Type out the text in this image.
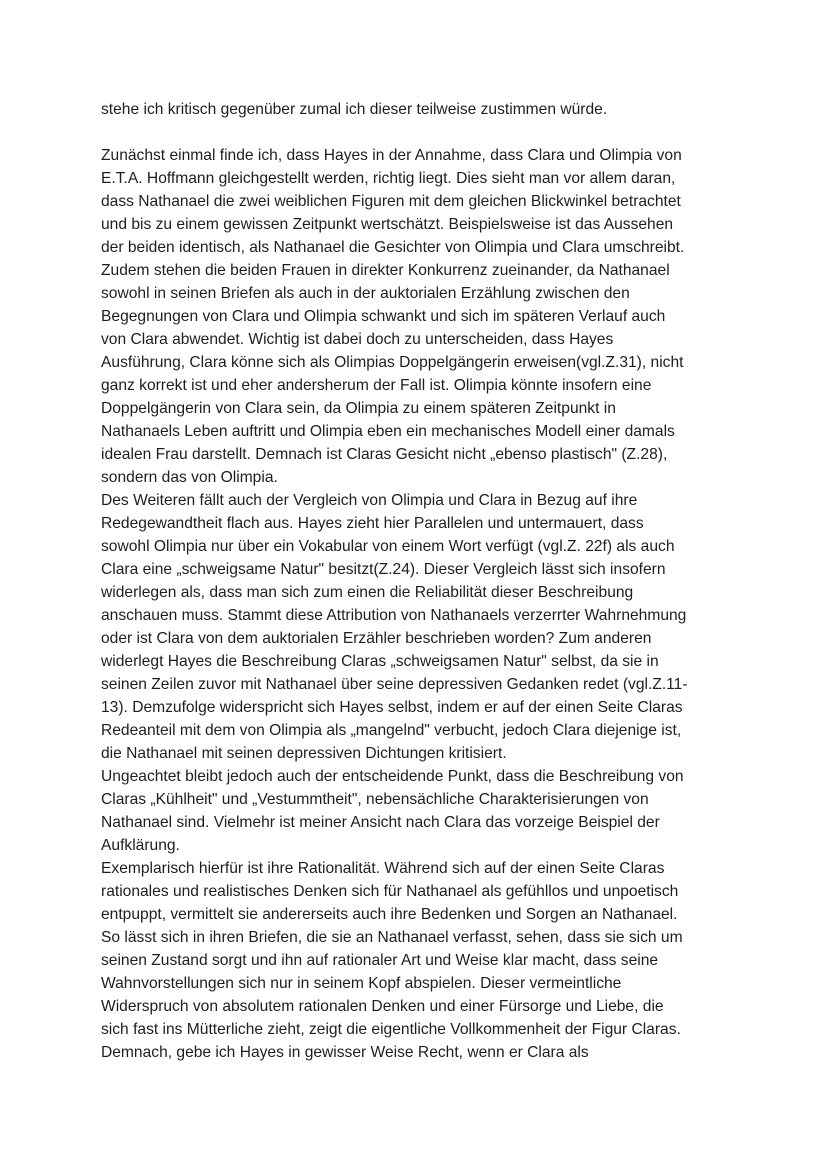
stehe ich kritisch gegenüber zumal ich dieser teilweise zustimmen würde.
Zunächst einmal finde ich, dass Hayes in der Annahme, dass Clara und Olimpia von
E.T.A. Hoffmann gleichgestellt werden, richtig liegt. Dies sieht man vor allem daran,
dass Nathanael die zwei weiblichen Figuren mit dem gleichen Blickwinkel betrachtet
und bis zu einem gewissen Zeitpunkt wertschätzt. Beispielsweise ist das Aussehen
der beiden identisch, als Nathanael die Gesichter von Olimpia und Clara umschreibt.
Zudem stehen die beiden Frauen in direkter Konkurrenz zueinander, da Nathanael
sowohl in seinen Briefen als auch in der auktorialen Erzählung zwischen den
Begegnungen von Clara und Olimpia schwankt und sich im späteren Verlauf auch
von Clara abwendet. Wichtig ist dabei doch zu unterscheiden, dass Hayes
Ausführung, Clara könne sich als Olimpias Doppelgängerin erweisen(vgl.Z.31), nicht
ganz korrekt ist und eher andersherum der Fall ist. Olimpia könnte insofern eine
Doppelgängerin von Clara sein, da Olimpia zu einem späteren Zeitpunkt in
Nathanaels Leben auftritt und Olimpia eben ein mechanisches Modell einer damals
idealen Frau darstellt. Demnach ist Claras Gesicht nicht „ebenso plastisch" (Z.28),
sondern das von Olimpia.
Des Weiteren fällt auch der Vergleich von Olimpia und Clara in Bezug auf ihre
Redegewandtheit flach aus. Hayes zieht hier Parallelen und untermauert, dass
sowohl Olimpia nur über ein Vokabular von einem Wort verfügt (vgl.Z. 22f) als auch
Clara eine „schweigsame Natur" besitzt(Z.24). Dieser Vergleich lässt sich insofern
widerlegen als, dass man sich zum einen die Reliabilität dieser Beschreibung
anschauen muss. Stammt diese Attribution von Nathanaels verzerrter Wahrnehmung
oder ist Clara von dem auktorialen Erzähler beschrieben worden? Zum anderen
widerlegt Hayes die Beschreibung Claras „schweigsamen Natur" selbst, da sie in
seinen Zeilen zuvor mit Nathanael über seine depressiven Gedanken redet (vgl.Z.11-
13). Demzufolge widerspricht sich Hayes selbst, indem er auf der einen Seite Claras
Redeanteil mit dem von Olimpia als „mangelnd" verbucht, jedoch Clara diejenige ist,
die Nathanael mit seinen depressiven Dichtungen kritisiert.
Ungeachtet bleibt jedoch auch der entscheidende Punkt, dass die Beschreibung von
Claras „Kühlheit" und „Vestummtheit", nebensächliche Charakterisierungen von
Nathanael sind. Vielmehr ist meiner Ansicht nach Clara das vorzeige Beispiel der
Aufklärung.
Exemplarisch hierfür ist ihre Rationalität. Während sich auf der einen Seite Claras
rationales und realistisches Denken sich für Nathanael als gefühllos und unpoetisch
entpuppt, vermittelt sie andererseits auch ihre Bedenken und Sorgen an Nathanael.
So lässt sich in ihren Briefen, die sie an Nathanael verfasst, sehen, dass sie sich um
seinen Zustand sorgt und ihn auf rationaler Art und Weise klar macht, dass seine
Wahnvorstellungen sich nur in seinem Kopf abspielen. Dieser vermeintliche
Widerspruch von absolutem rationalen Denken und einer Fürsorge und Liebe, die
sich fast ins Mütterliche zieht, zeigt die eigentliche Vollkommenheit der Figur Claras.
Demnach, gebe ich Hayes in gewisser Weise Recht, wenn er Clara als
